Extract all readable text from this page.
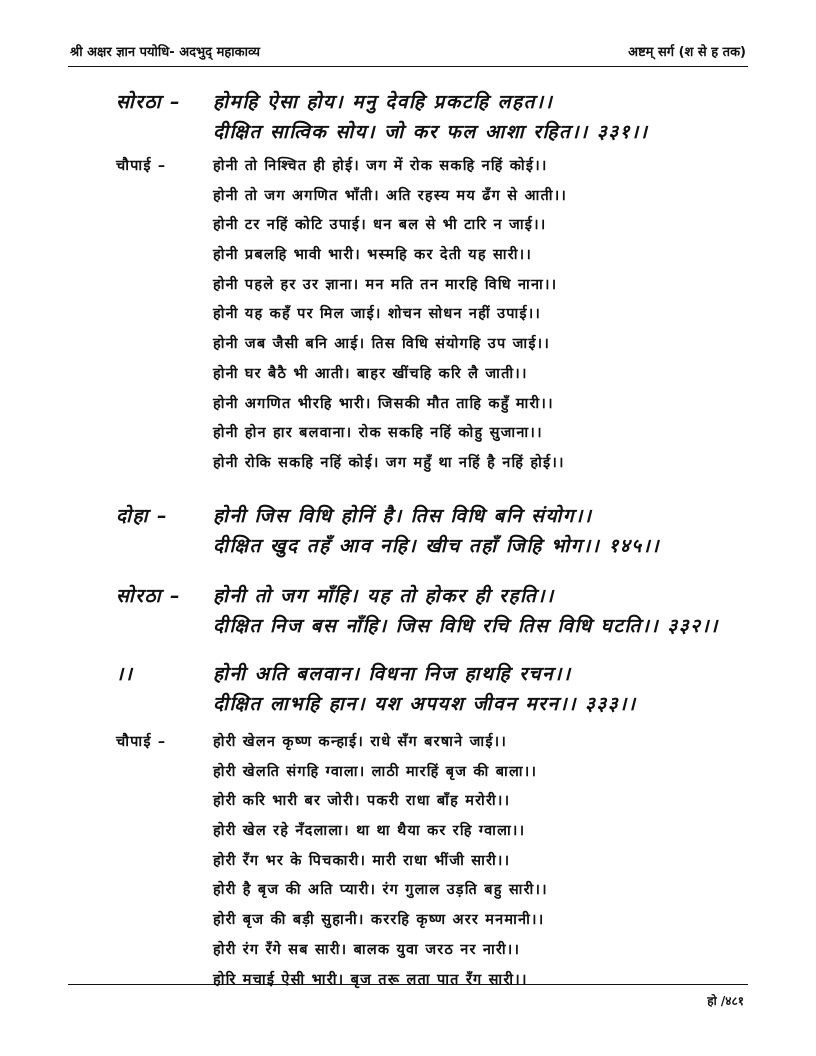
श्री अक्षर ज्ञान पयोधि- अदभुद् महाकाव्य	अष्टम् सर्ग (श से ह तक)
सोरठा – होमहि ऐसा होय। मनु देवहि प्रकटहि लहत।।
दीक्षित सात्विक सोय। जो कर फल आशा रहित।। ३३१।।
चौपाई –	होनी तो निश्चित ही होई। जग में रोक सकहि नहिं कोई।।
होनी तो जग अगणित भाँती। अति रहस्य मय ढँग से आती।।
होनी टर नहिं कोटि उपाई। धन बल से भी टारि न जाई।।
होनी प्रबलहि भावी भारी। भस्महि कर देती यह सारी।।
होनी पहले हर उर ज्ञाना। मन मति तन मारहि विधि नाना।।
होनी यह कहँ पर मिल जाई। शोचन सोधन नहीं उपाई।।
होनी जब जैसी बनि आई। तिस विधि संयोगहि उप जाई।।
होनी घर बैठै भी आती। बाहर खींचहि करि लै जाती।।
होनी अगणित भीरहि भारी। जिसकी मौत ताहि कहुँ मारी।।
होनी होन हार बलवाना। रोक सकहि नहिं कोहु सुजाना।।
होनी रोकि सकहि नहिं कोई। जग महुँ था नहिं है नहिं होई।।
दोहा – होनी जिस विधि होनिं है। तिस विधि बनि संयोग।।
दीक्षित खुद तहँ आव नहि। खीच तहाँ जिहि भोग।। १४५।।
सोरठा – होनी तो जग माँहि। यह तो होकर ही रहति।।
दीक्षित निज बस नाँहि। जिस विधि रचि तिस विधि घटति।। ३३२।।
।।	होनी अति बलवान। विधना निज हाथहि रचन।।
दीक्षित लाभहि हान। यश अपयश जीवन मरन।। ३३३।।
चौपाई –	होरी खेलन कृष्ण कन्हाई। राधे सँग बरषाने जाई।।
होरी खेलति संगहि ग्वाला। लाठी मारहिं बृज की बाला।।
होरी करि भारी बर जोरी। पकरी राधा बाँह मरोरी।।
होरी खेल रहे नँदलाला। था था थैया कर रहि ग्वाला।।
होरी रँग भर के पिचकारी। मारी राधा भींजी सारी।।
होरी है बृज की अति प्यारी। रंग गुलाल उड़ति बहु सारी।।
होरी बृज की बड़ी सुहानी। कररहि कृष्ण अरर मनमानी।।
होरी रंग रँगे सब सारी। बालक युवा जरठ नर नारी।।
होरि मचाई ऐसी भारी। बृज तरू लता पात रँग सारी।।
हो /४८१
